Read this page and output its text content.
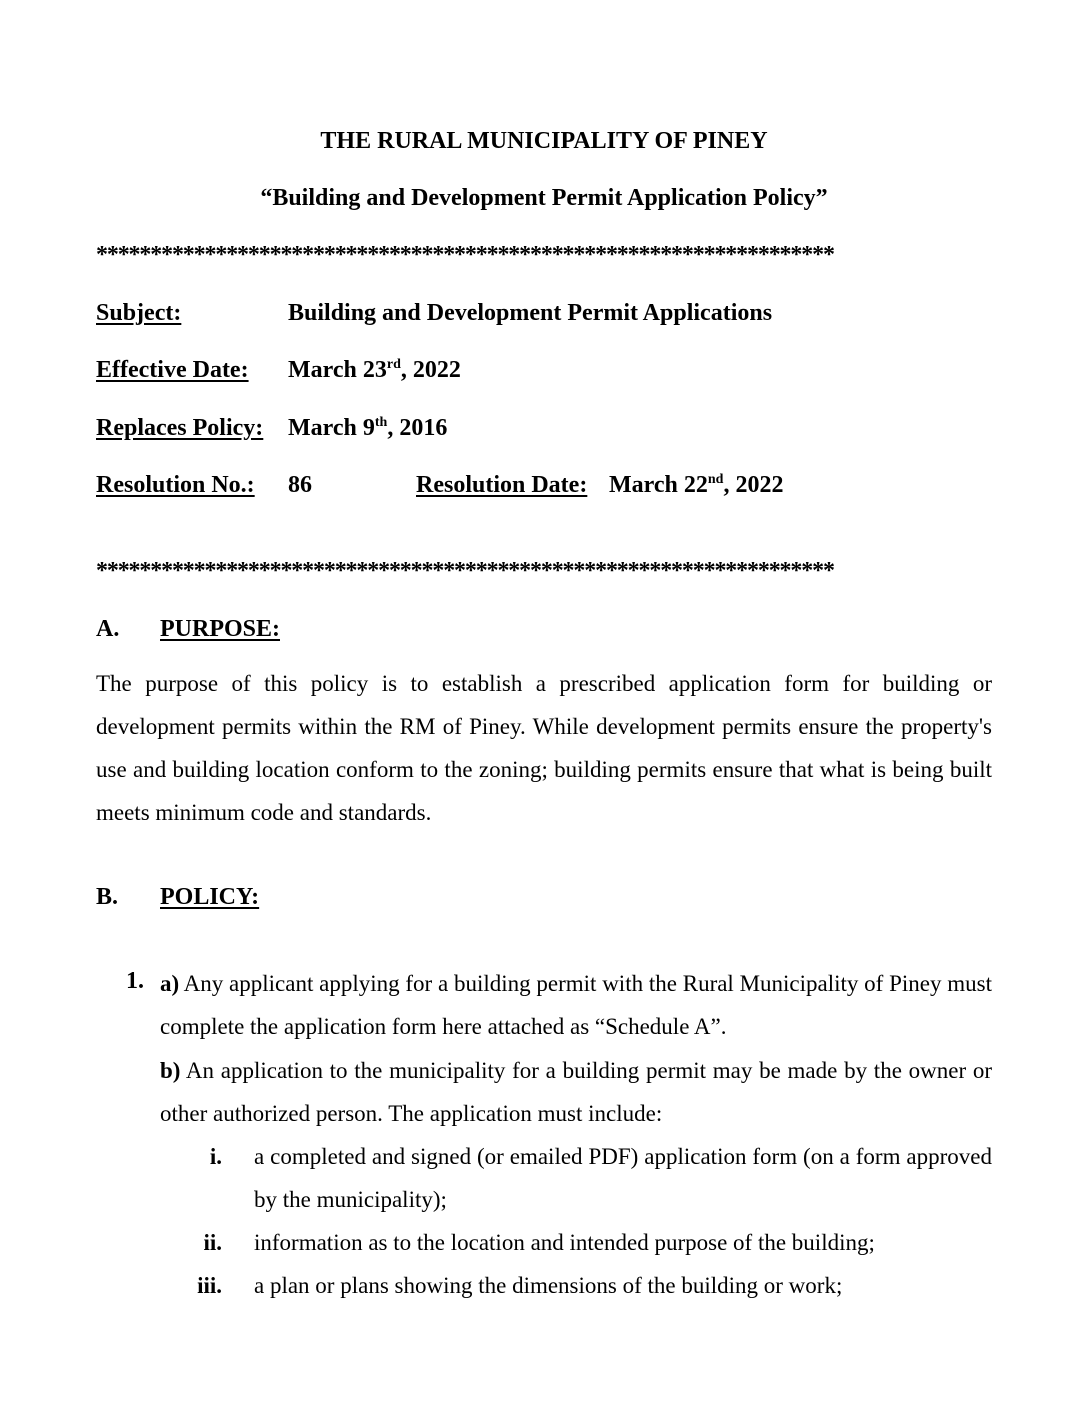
THE RURAL MUNICIPALITY OF PINEY
“Building and Development Permit Application Policy”
********************************************************************
Subject:	Building and Development Permit Applications
Effective Date: March 23rd, 2022
Replaces Policy: March 9th, 2016
Resolution No.: 86	Resolution Date: March 22nd, 2022
********************************************************************
A. PURPOSE:
The purpose of this policy is to establish a prescribed application form for building or development permits within the RM of Piney. While development permits ensure the property's use and building location conform to the zoning; building permits ensure that what is being built meets minimum code and standards.
B. POLICY:
1. a) Any applicant applying for a building permit with the Rural Municipality of Piney must complete the application form here attached as “Schedule A”.
b) An application to the municipality for a building permit may be made by the owner or other authorized person. The application must include:
i. a completed and signed (or emailed PDF) application form (on a form approved by the municipality);
ii. information as to the location and intended purpose of the building;
iii. a plan or plans showing the dimensions of the building or work;
